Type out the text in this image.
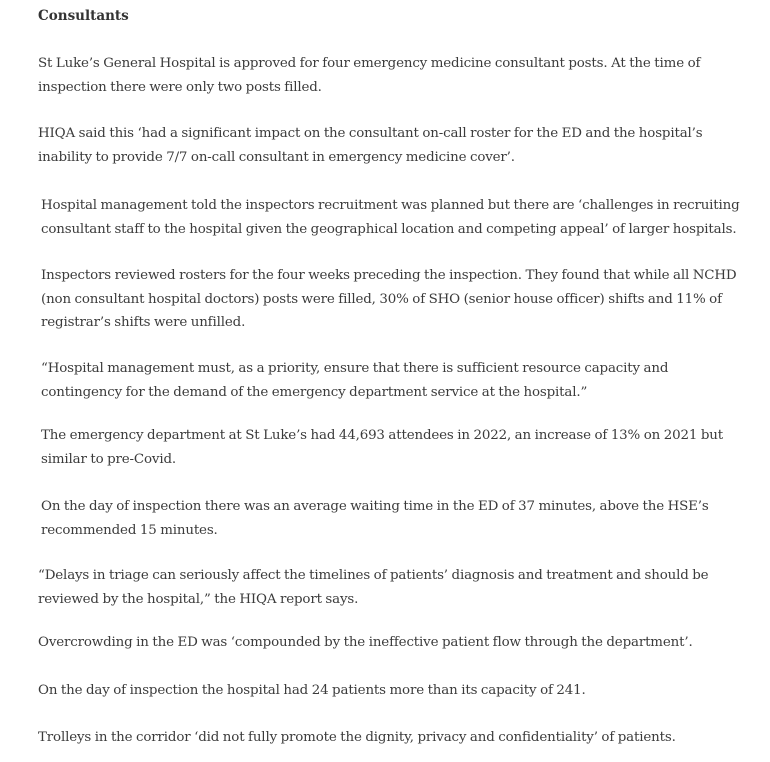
Consultants

St Luke’s General Hospital is approved for four emergency medicine consultant posts. At the time of inspection there were only two posts filled.

HIQA said this ‘had a significant impact on the consultant on-call roster for the ED and the hospital’s inability to provide 7/7 on-call consultant in emergency medicine cover’.

Hospital management told the inspectors recruitment was planned but there are ‘challenges in recruiting consultant staff to the hospital given the geographical location and competing appeal’ of larger hospitals.

Inspectors reviewed rosters for the four weeks preceding the inspection. They found that while all NCHD (non consultant hospital doctors) posts were filled, 30% of SHO (senior house officer) shifts and 11% of registrar’s shifts were unfilled.

“Hospital management must, as a priority, ensure that there is sufficient resource capacity and contingency for the demand of the emergency department service at the hospital.”

The emergency department at St Luke’s had 44,693 attendees in 2022, an increase of 13% on 2021 but similar to pre-Covid.

On the day of inspection there was an average waiting time in the ED of 37 minutes, above the HSE’s recommended 15 minutes.

“Delays in triage can seriously affect the timelines of patients’ diagnosis and treatment and should be reviewed by the hospital,” the HIQA report says.

Overcrowding in the ED was ‘compounded by the ineffective patient flow through the department’.

On the day of inspection the hospital had 24 patients more than its capacity of 241.

Trolleys in the corridor ‘did not fully promote the dignity, privacy and confidentiality’ of patients.
